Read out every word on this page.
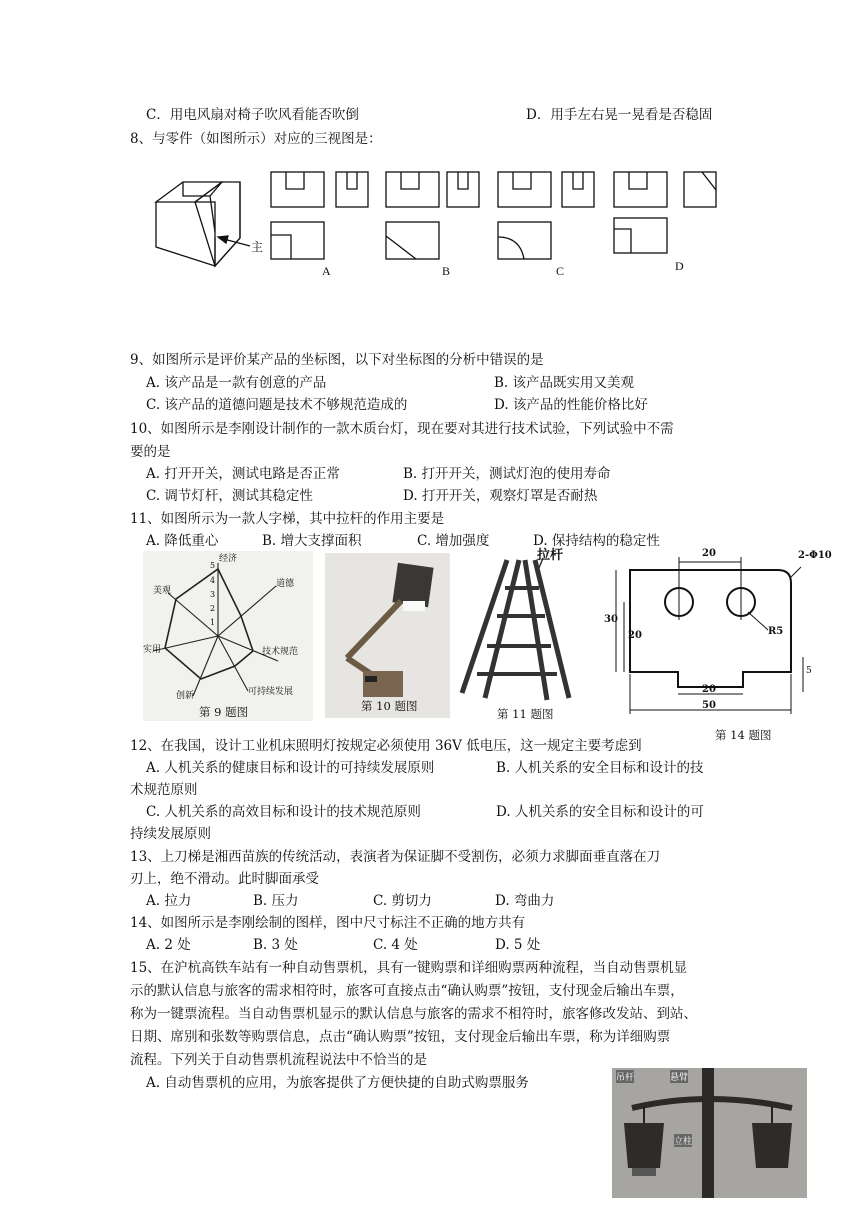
C．用电风扇对椅子吹风看能否吹倒	D．用手左右晃一晃看是否稳固
8、与零件（如图所示）对应的三视图是：
主
A	B	C	D
9、如图所示是评价某产品的坐标图，以下对坐标图的分析中错误的是
A. 该产品是一款有创意的产品	B. 该产品既实用又美观
C. 该产品的道德问题是技术不够规范造成的	D. 该产品的性能价格比好
10、如图所示是李刚设计制作的一款木质台灯，现在要对其进行技术试验，下列试验中不需
要的是
A. 打开开关，测试电路是否正常	B. 打开开关，测试灯泡的使用寿命
C. 调节灯杆，测试其稳定性	D. 打开开关，观察灯罩是否耐热
11、如图所示为一款人字梯，其中拉杆的作用主要是
A. 降低重心	B. 增大支撑面积	C. 增加强度	D. 保持结构的稳定性
经济
道德
技术规范
可持续发展
创新
实用
美观
5
4
3
2
1
第 9 题图	第 10 题图
拉杆
第 11 题图
20	2-Φ10
30
20	R5
20
50
5
第 14 题图
12、在我国，设计工业机床照明灯按规定必须使用 36V 低电压，这一规定主要考虑到
A. 人机关系的健康目标和设计的可持续发展原则	B. 人机关系的安全目标和设计的技
术规范原则
C. 人机关系的高效目标和设计的技术规范原则	D. 人机关系的安全目标和设计的可
持续发展原则
13、上刀梯是湘西苗族的传统活动，表演者为保证脚不受割伤，必须力求脚面垂直落在刀
刃上，绝不滑动。此时脚面承受
A. 拉力	B. 压力	C. 剪切力	D. 弯曲力
14、如图所示是李刚绘制的图样，图中尺寸标注不正确的地方共有
A. 2 处	B. 3 处	C. 4 处	D. 5 处
15、在沪杭高铁车站有一种自动售票机，具有一键购票和详细购票两种流程，当自动售票机显
示的默认信息与旅客的需求相符时，旅客可直接点击“确认购票”按钮，支付现金后输出车票，
称为一键票流程。当自动售票机显示的默认信息与旅客的需求不相符时，旅客修改发站、到站、
日期、席别和张数等购票信息，点击“确认购票”按钮，支付现金后输出车票，称为详细购票
流程。下列关于自动售票机流程说法中不恰当的是
A. 自动售票机的应用，为旅客提供了方便快捷的自助式购票服务	吊杆	悬臂
立柱
